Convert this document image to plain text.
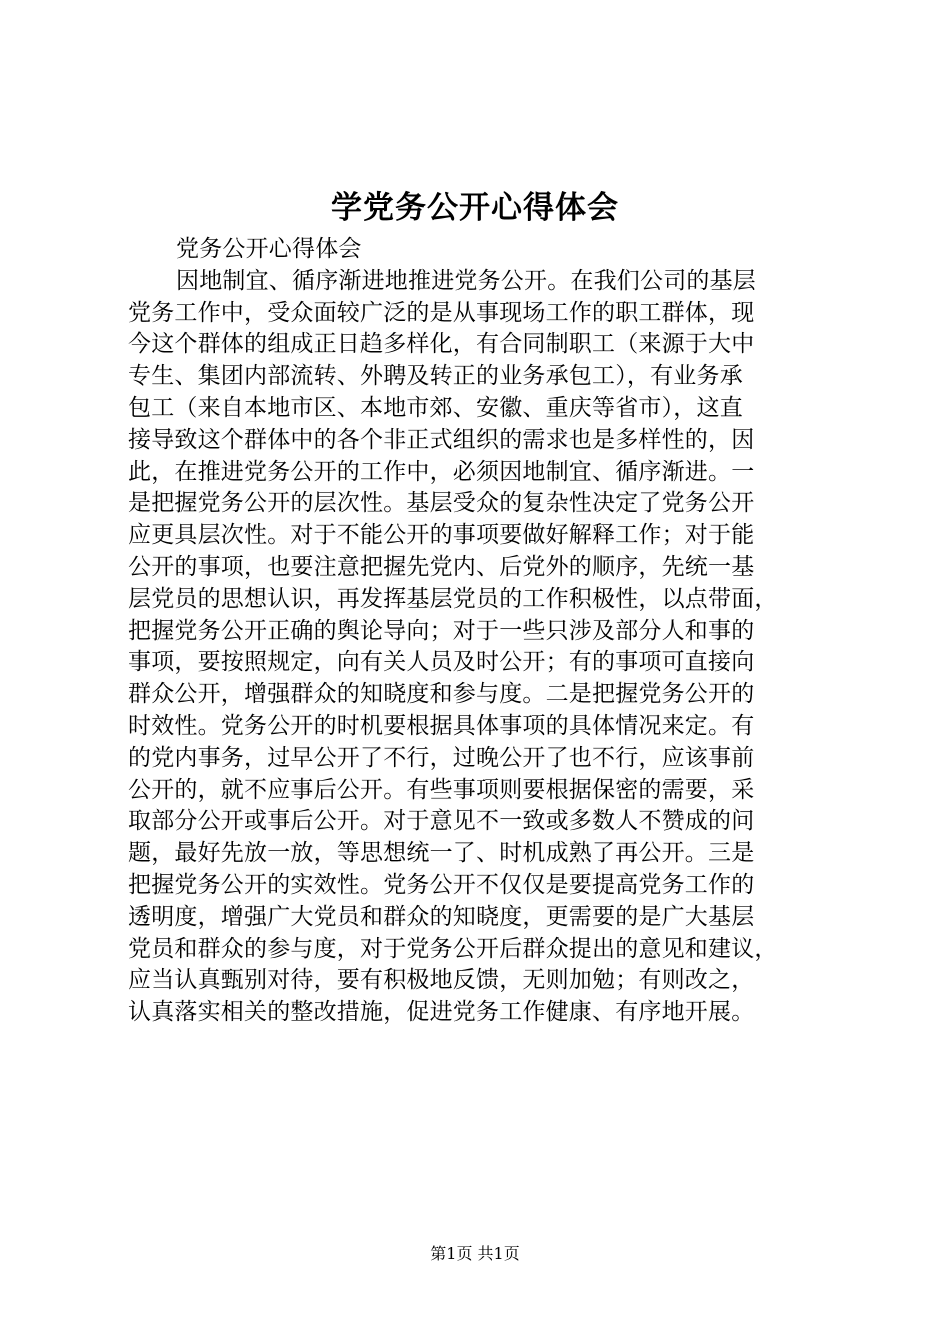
学党务公开心得体会
党务公开心得体会
因地制宜、循序渐进地推进党务公开。在我们公司的基层
党务工作中，受众面较广泛的是从事现场工作的职工群体，现
今这个群体的组成正日趋多样化，有合同制职工（来源于大中
专生、集团内部流转、外聘及转正的业务承包工），有业务承
包工（来自本地市区、本地市郊、安徽、重庆等省市），这直
接导致这个群体中的各个非正式组织的需求也是多样性的，因
此，在推进党务公开的工作中，必须因地制宜、循序渐进。一
是把握党务公开的层次性。基层受众的复杂性决定了党务公开
应更具层次性。对于不能公开的事项要做好解释工作；对于能
公开的事项，也要注意把握先党内、后党外的顺序，先统一基
层党员的思想认识，再发挥基层党员的工作积极性，以点带面，
把握党务公开正确的舆论导向；对于一些只涉及部分人和事的
事项，要按照规定，向有关人员及时公开；有的事项可直接向
群众公开，增强群众的知晓度和参与度。二是把握党务公开的
时效性。党务公开的时机要根据具体事项的具体情况来定。有
的党内事务，过早公开了不行，过晚公开了也不行，应该事前
公开的，就不应事后公开。有些事项则要根据保密的需要，采
取部分公开或事后公开。对于意见不一致或多数人不赞成的问
题，最好先放一放，等思想统一了、时机成熟了再公开。三是
把握党务公开的实效性。党务公开不仅仅是要提高党务工作的
透明度，增强广大党员和群众的知晓度，更需要的是广大基层
党员和群众的参与度，对于党务公开后群众提出的意见和建议，
应当认真甄别对待，要有积极地反馈，无则加勉；有则改之，
认真落实相关的整改措施，促进党务工作健康、有序地开展。
第1页 共1页
